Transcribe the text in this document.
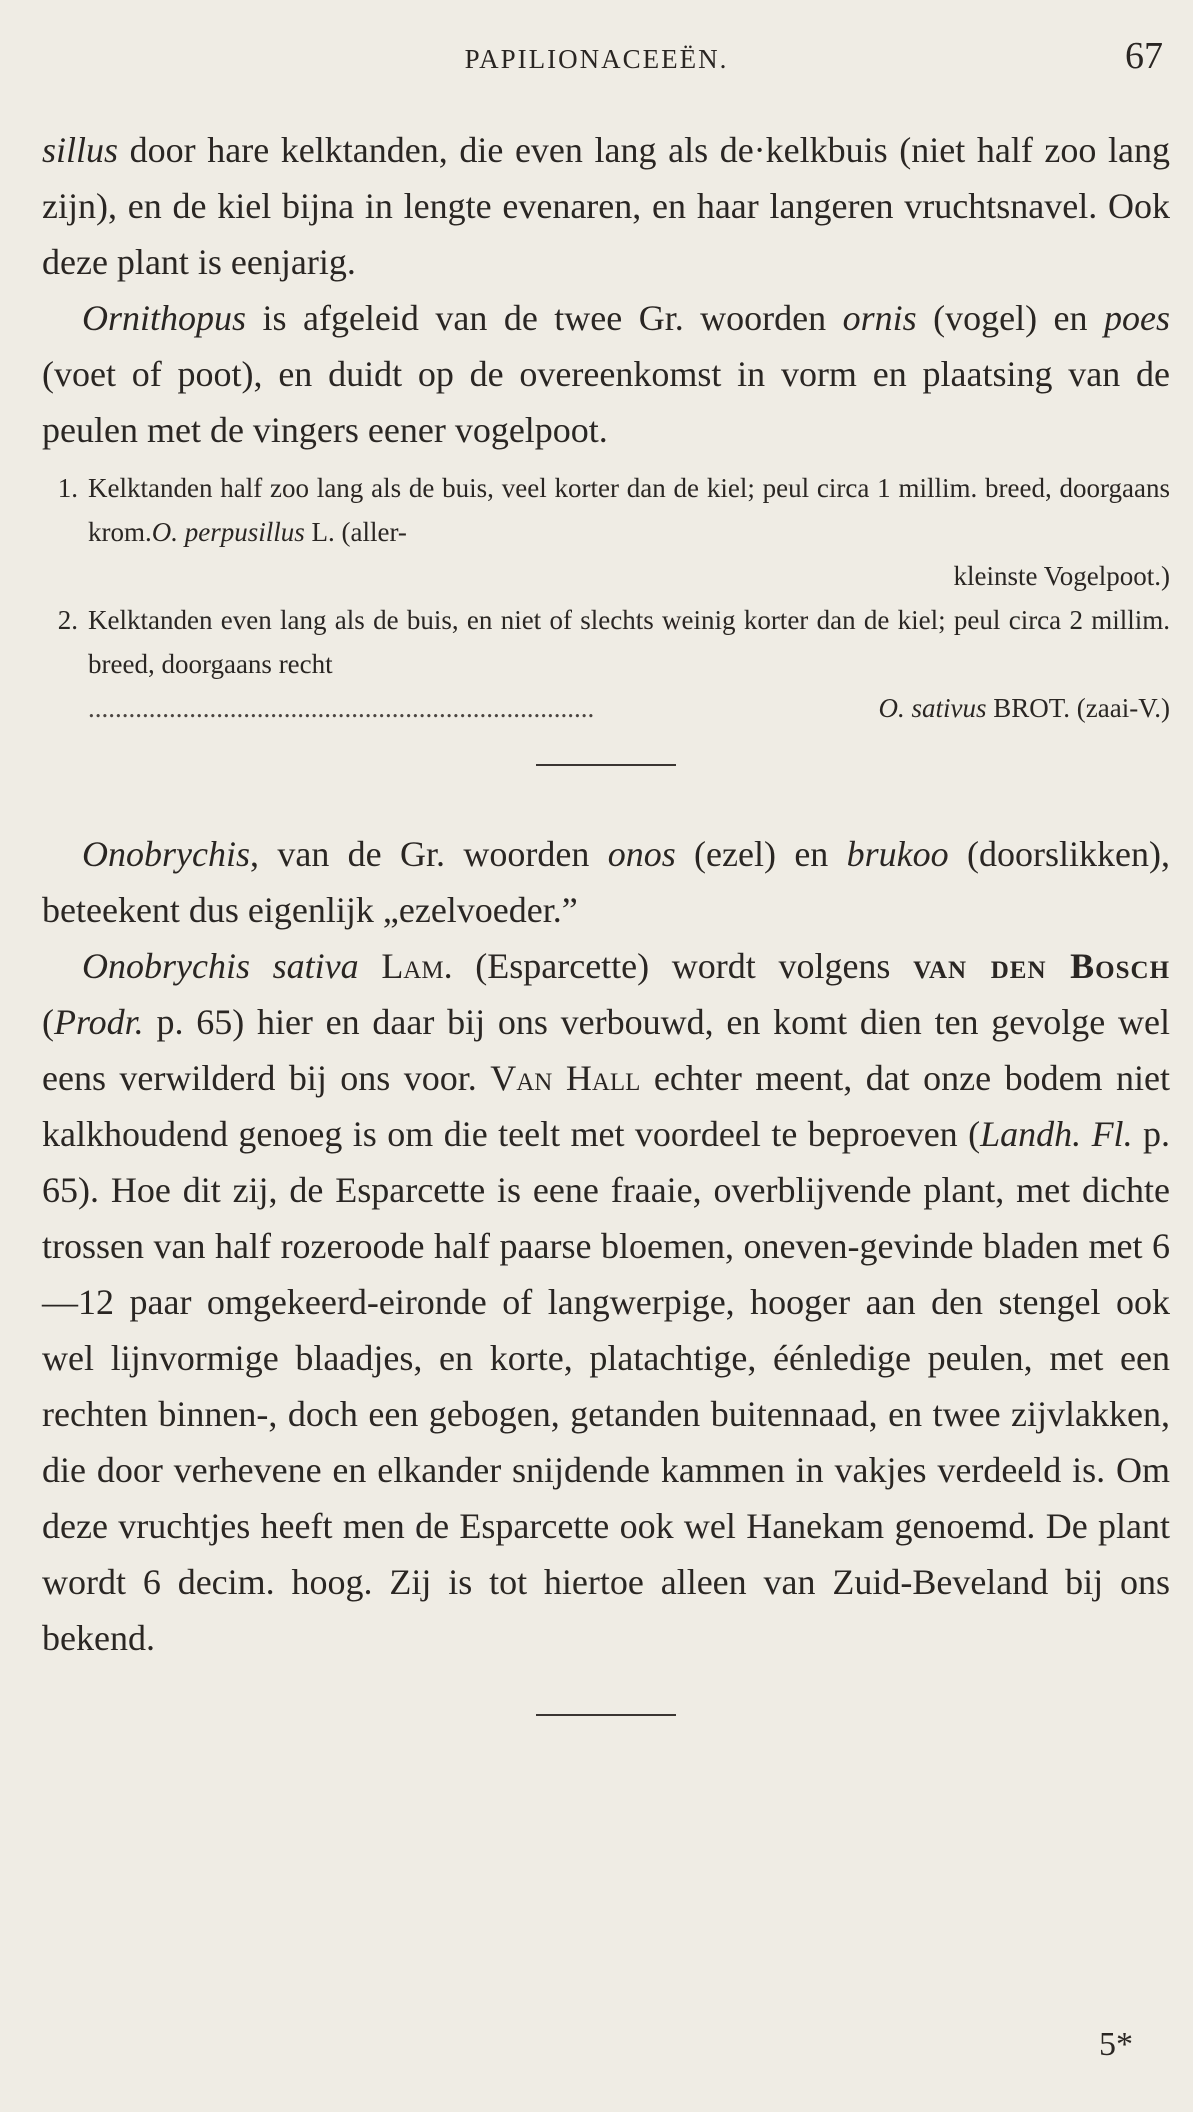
PAPILIONACEEËN.	67

sillus door hare kelktanden, die even lang als de·kelkbuis (niet half zoo lang zijn), en de kiel bijna in lengte evenaren, en haar langeren vruchtsnavel. Ook deze plant is eenjarig.

Ornithopus is afgeleid van de twee Gr. woorden ornis (vogel) en poes (voet of poot), en duidt op de overeenkomst in vorm en plaatsing van de peulen met de vingers eener vogelpoot.

1. Kelktanden half zoo lang als de buis, veel korter dan de kiel; peul circa 1 millim. breed, doorgaans krom.O. perpusillus L. (aller-
kleinste Vogelpoot.)
2. Kelktanden even lang als de buis, en niet of slechts weinig korter dan de kiel; peul circa 2 millim. breed, doorgaans recht
...........................................................................	O. sativus BROT. (zaai-V.)

Onobrychis, van de Gr. woorden onos (ezel) en brukoo (doorslikken), beteekent dus eigenlijk „ezelvoeder.”

Onobrychis sativa Lam. (Esparcette) wordt volgens van den Bosch (Prodr. p. 65) hier en daar bij ons verbouwd, en komt dien ten gevolge wel eens verwilderd bij ons voor. Van Hall echter meent, dat onze bodem niet kalkhoudend genoeg is om die teelt met voordeel te beproeven (Landh. Fl. p. 65). Hoe dit zij, de Esparcette is eene fraaie, overblijvende plant, met dichte trossen van half rozeroode half paarse bloemen, oneven-gevinde bladen met 6—12 paar omgekeerd-eironde of langwerpige, hooger aan den stengel ook wel lijnvormige blaadjes, en korte, platachtige, éénledige peulen, met een rechten binnen-, doch een gebogen, getanden buitennaad, en twee zijvlakken, die door verhevene en elkander snijdende kammen in vakjes verdeeld is. Om deze vruchtjes heeft men de Esparcette ook wel Hanekam genoemd. De plant wordt 6 decim. hoog. Zij is tot hiertoe alleen van Zuid-Beveland bij ons bekend.

5*
